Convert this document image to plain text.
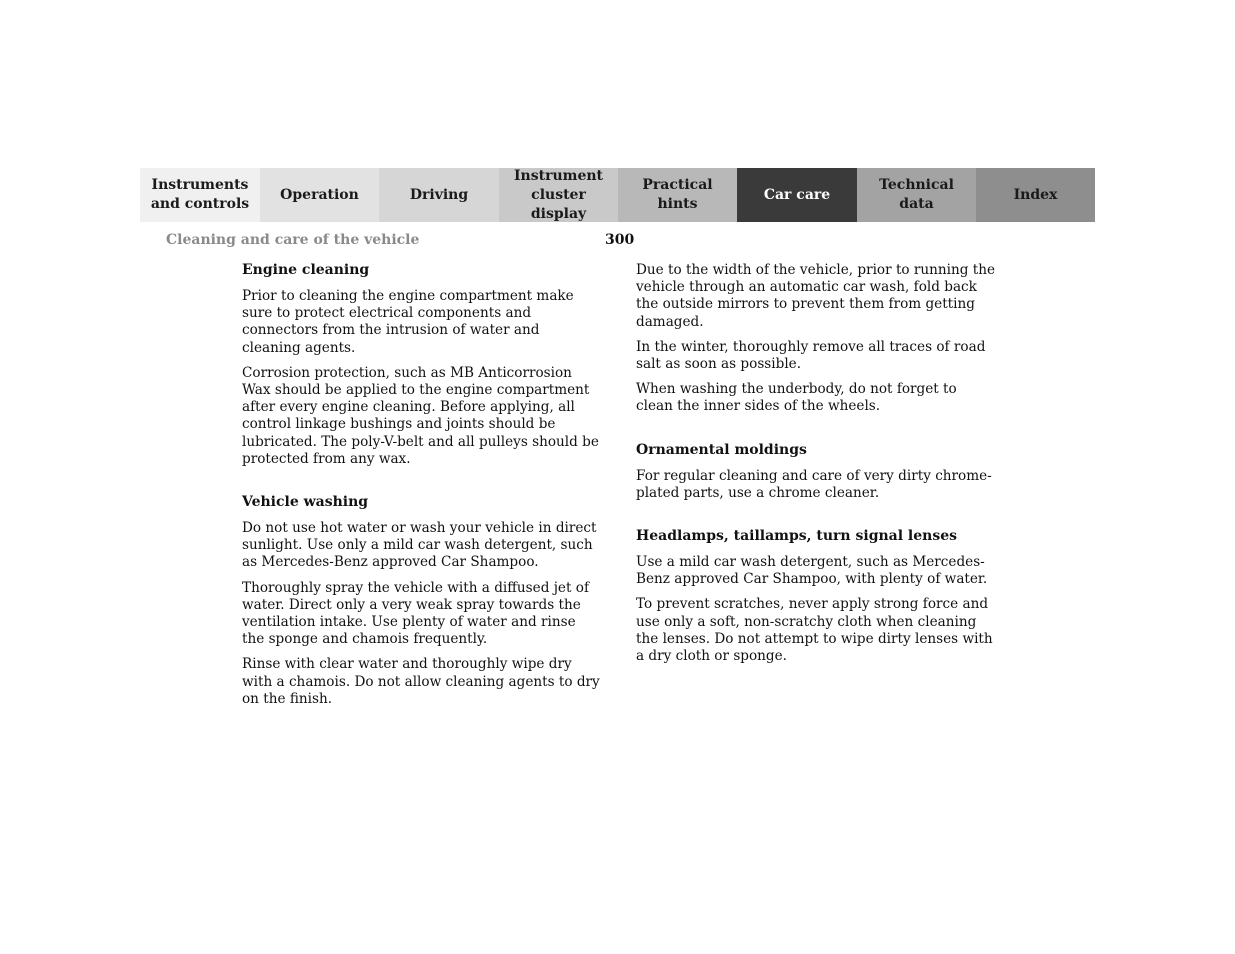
Instruments
and controls
Operation	Driving
Instrument
cluster display
Practical hints
Car care
Technical
data
Index
Cleaning and care of the vehicle	300
Engine cleaning

Prior to cleaning the engine compartment make sure to protect electrical components and connectors from the intrusion of water and cleaning agents.

Corrosion protection, such as MB Anticorrosion Wax should be applied to the engine compartment after every engine cleaning. Before applying, all control linkage bushings and joints should be lubricated. The poly-V-belt and all pulleys should be protected from any wax.

Vehicle washing

Do not use hot water or wash your vehicle in direct sunlight. Use only a mild car wash detergent, such as Mercedes-Benz approved Car Shampoo.

Thoroughly spray the vehicle with a diffused jet of water. Direct only a very weak spray towards the ventilation intake. Use plenty of water and rinse the sponge and chamois frequently.

Rinse with clear water and thoroughly wipe dry with a chamois. Do not allow cleaning agents to dry on the finish.

Due to the width of the vehicle, prior to running the vehicle through an automatic car wash, fold back the outside mirrors to prevent them from getting damaged.

In the winter, thoroughly remove all traces of road salt as soon as possible.

When washing the underbody, do not forget to clean the inner sides of the wheels.

Ornamental moldings

For regular cleaning and care of very dirty chrome-plated parts, use a chrome cleaner.

Headlamps, taillamps, turn signal lenses

Use a mild car wash detergent, such as Mercedes-Benz approved Car Shampoo, with plenty of water.

To prevent scratches, never apply strong force and use only a soft, non-scratchy cloth when cleaning the lenses. Do not attempt to wipe dirty lenses with a dry cloth or sponge.
